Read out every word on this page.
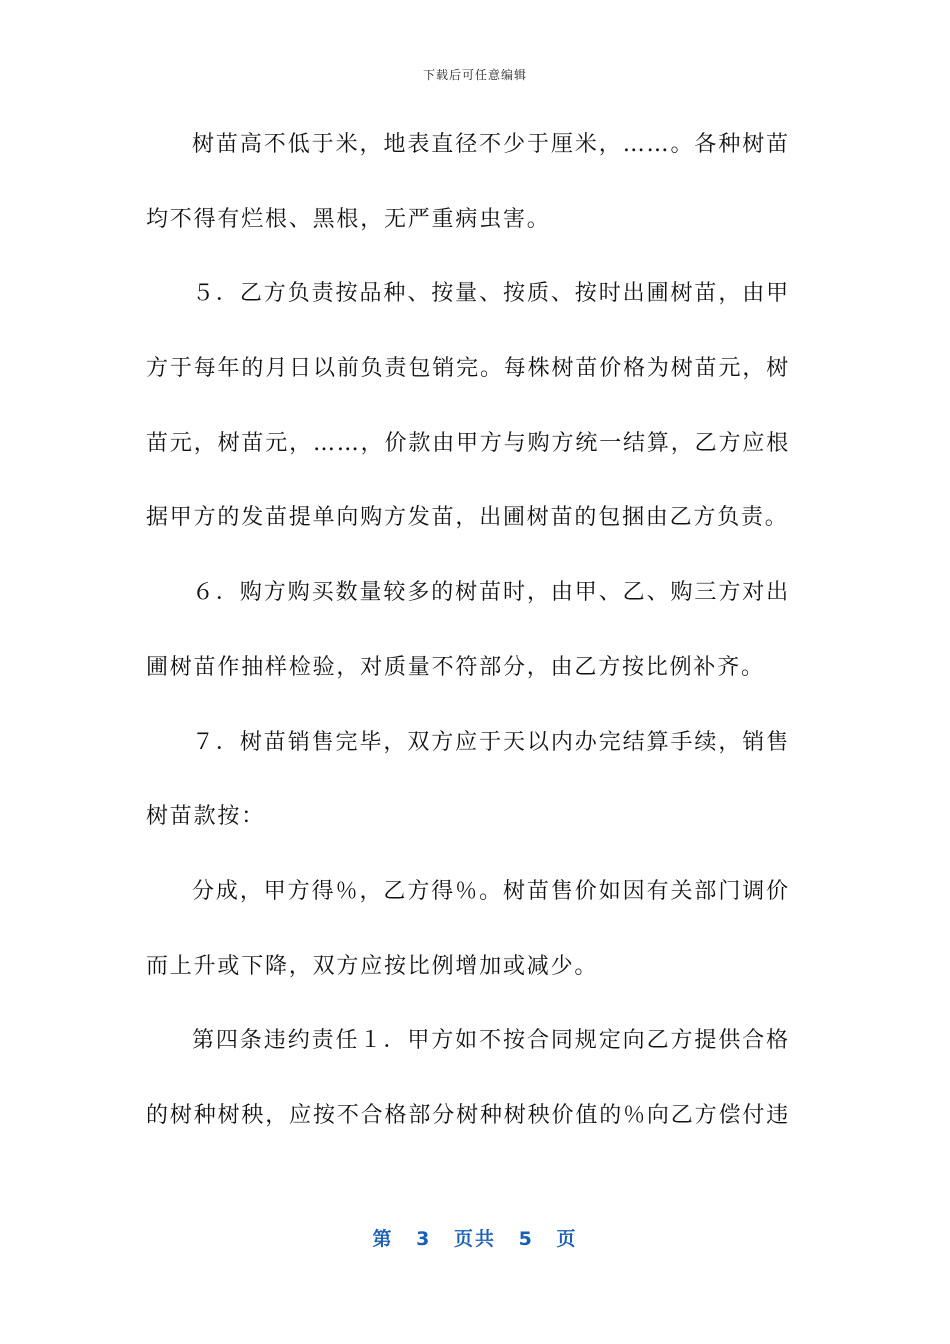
下载后可任意编辑
树苗高不低于米，地表直径不少于厘米，……。各种树苗
均不得有烂根、黑根，无严重病虫害。
５．乙方负责按品种、按量、按质、按时出圃树苗，由甲
方于每年的月日以前负责包销完。每株树苗价格为树苗元，树
苗元，树苗元，……，价款由甲方与购方统一结算，乙方应根
据甲方的发苗提单向购方发苗，出圃树苗的包捆由乙方负责。
６．购方购买数量较多的树苗时，由甲、乙、购三方对出
圃树苗作抽样检验，对质量不符部分，由乙方按比例补齐。
７．树苗销售完毕，双方应于天以内办完结算手续，销售
树苗款按：
分成，甲方得％，乙方得％。树苗售价如因有关部门调价
而上升或下降，双方应按比例增加或减少。
第四条违约责任１．甲方如不按合同规定向乙方提供合格
的树种树秧，应按不合格部分树种树秧价值的％向乙方偿付违
第 3 页共 5 页
